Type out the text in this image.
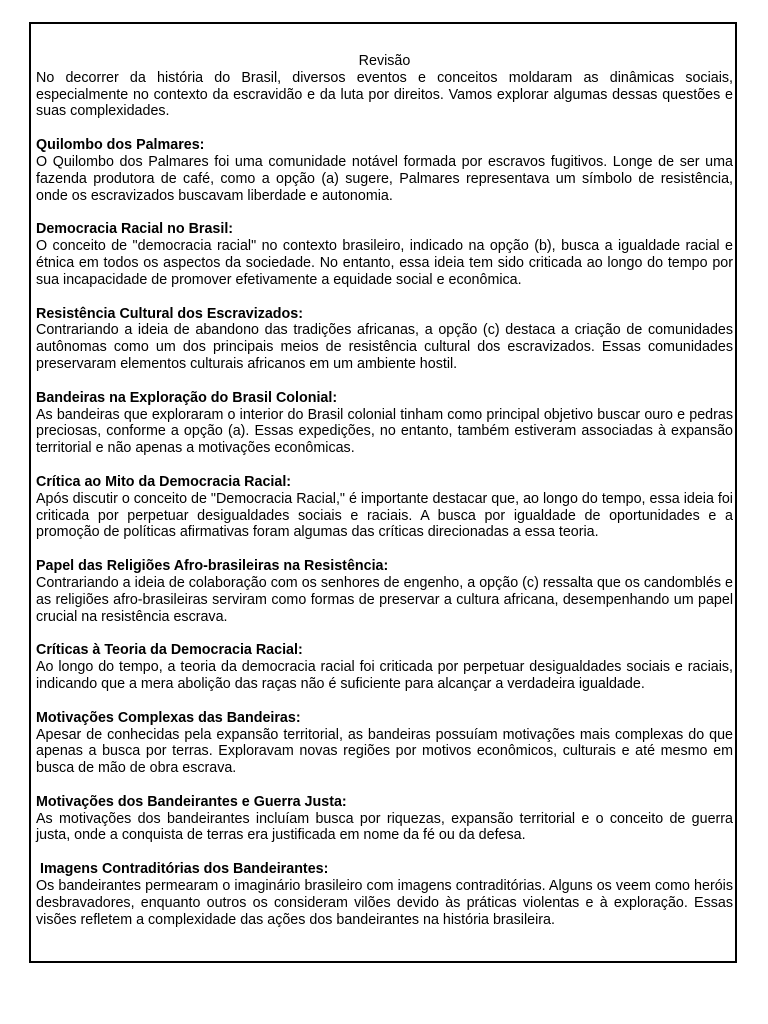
Revisão

No decorrer da história do Brasil, diversos eventos e conceitos moldaram as dinâmicas sociais, especialmente no contexto da escravidão e da luta por direitos. Vamos explorar algumas dessas questões e suas complexidades.

Quilombo dos Palmares:

O Quilombo dos Palmares foi uma comunidade notável formada por escravos fugitivos. Longe de ser uma fazenda produtora de café, como a opção (a) sugere, Palmares representava um símbolo de resistência, onde os escravizados buscavam liberdade e autonomia.

Democracia Racial no Brasil:

O conceito de "democracia racial" no contexto brasileiro, indicado na opção (b), busca a igualdade racial e étnica em todos os aspectos da sociedade. No entanto, essa ideia tem sido criticada ao longo do tempo por sua incapacidade de promover efetivamente a equidade social e econômica.

Resistência Cultural dos Escravizados:

Contrariando a ideia de abandono das tradições africanas, a opção (c) destaca a criação de comunidades autônomas como um dos principais meios de resistência cultural dos escravizados. Essas comunidades preservaram elementos culturais africanos em um ambiente hostil.

Bandeiras na Exploração do Brasil Colonial:

As bandeiras que exploraram o interior do Brasil colonial tinham como principal objetivo buscar ouro e pedras preciosas, conforme a opção (a). Essas expedições, no entanto, também estiveram associadas à expansão territorial e não apenas a motivações econômicas.

Crítica ao Mito da Democracia Racial:

Após discutir o conceito de "Democracia Racial," é importante destacar que, ao longo do tempo, essa ideia foi criticada por perpetuar desigualdades sociais e raciais. A busca por igualdade de oportunidades e a promoção de políticas afirmativas foram algumas das críticas direcionadas a essa teoria.

Papel das Religiões Afro-brasileiras na Resistência:

Contrariando a ideia de colaboração com os senhores de engenho, a opção (c) ressalta que os candomblés e as religiões afro-brasileiras serviram como formas de preservar a cultura africana, desempenhando um papel crucial na resistência escrava.

Críticas à Teoria da Democracia Racial:

Ao longo do tempo, a teoria da democracia racial foi criticada por perpetuar desigualdades sociais e raciais, indicando que a mera abolição das raças não é suficiente para alcançar a verdadeira igualdade.

Motivações Complexas das Bandeiras:

Apesar de conhecidas pela expansão territorial, as bandeiras possuíam motivações mais complexas do que apenas a busca por terras. Exploravam novas regiões por motivos econômicos, culturais e até mesmo em busca de mão de obra escrava.

Motivações dos Bandeirantes e Guerra Justa:

As motivações dos bandeirantes incluíam busca por riquezas, expansão territorial e o conceito de guerra justa, onde a conquista de terras era justificada em nome da fé ou da defesa.

Imagens Contraditórias dos Bandeirantes:

Os bandeirantes permearam o imaginário brasileiro com imagens contraditórias. Alguns os veem como heróis desbravadores, enquanto outros os consideram vilões devido às práticas violentas e à exploração. Essas visões refletem a complexidade das ações dos bandeirantes na história brasileira.
